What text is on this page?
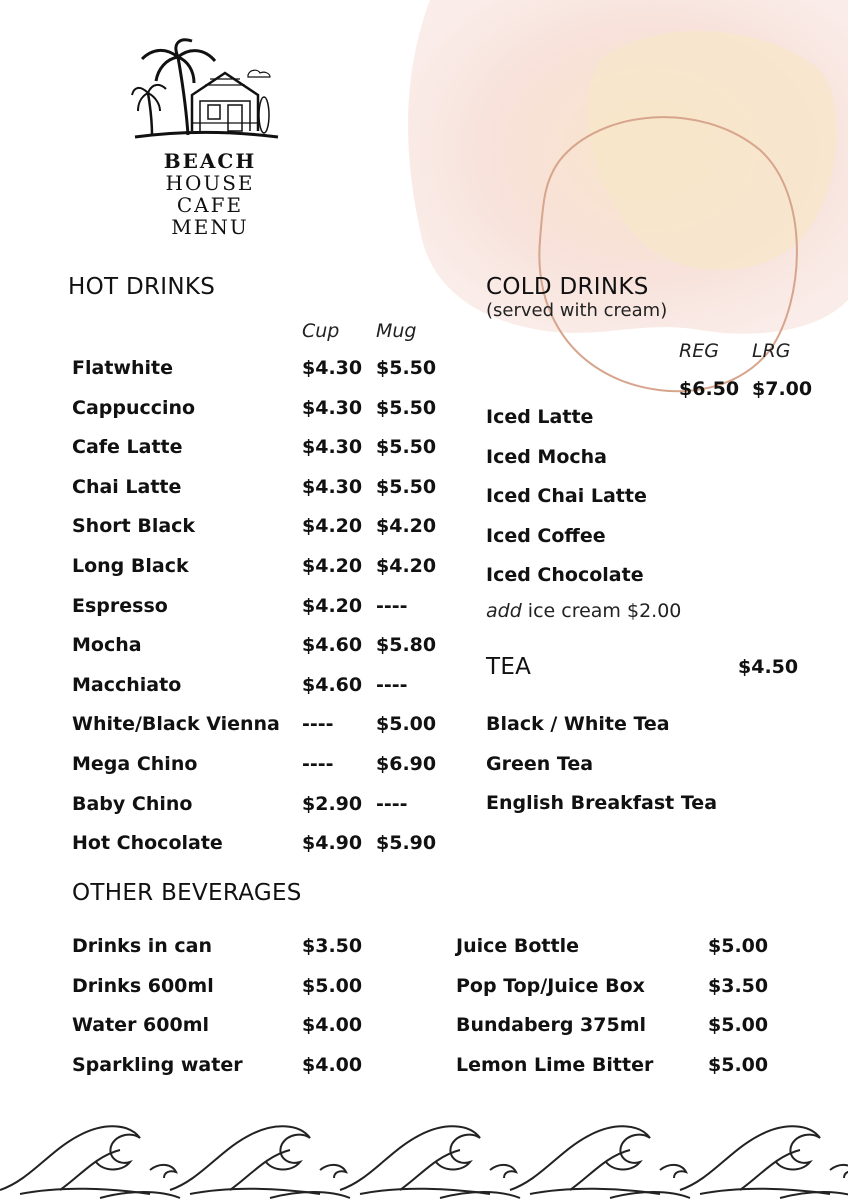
BEACH
HOUSE
CAFE
MENU
HOT DRINKS
Cup Mug
Flatwhite	$4.30 $5.50
Cappuccino	$4.30 $5.50
Cafe Latte	$4.30 $5.50
Chai Latte	$4.30 $5.50
Short Black	$4.20 $4.20
Long Black	$4.20 $4.20
Espresso	$4.20 ----
Mocha	$4.60 $5.80
Macchiato	$4.60 ----
White/Black Vienna ---- $5.00
Mega Chino	---- $6.90
Baby Chino	$2.90 ----
Hot Chocolate	$4.90 $5.90
COLD DRINKS
(served with cream)
REG LRG
$6.50 $7.00
Iced Latte
Iced Mocha
Iced Chai Latte
Iced Coffee
Iced Chocolate
add ice cream $2.00
TEA	$4.50
Black / White Tea
Green Tea
English Breakfast Tea
OTHER BEVERAGES
Drinks in can	$3.50
Drinks 600ml	$5.00
Water 600ml	$4.00
Sparkling water	$4.00
Juice Bottle	$5.00
Pop Top/Juice Box	$3.50
Bundaberg 375ml	$5.00
Lemon Lime Bitter	$5.00
